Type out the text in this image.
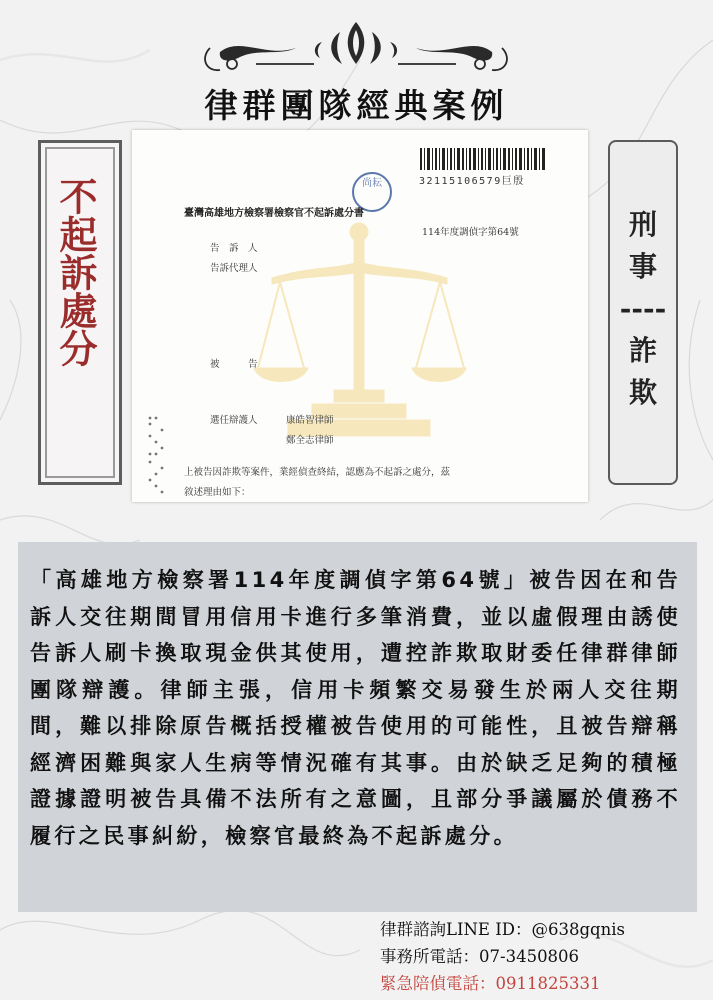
律群團隊經典案例
不起訴處分	刑
事
----
詐
欺
32115106579巨殷
尚耘
臺灣高雄地方檢察署檢察官不起訴處分書
114年度調偵字第64號
告　訴　人
告訴代理人
被　　　告
選任辯護人	康皓智律師
鄭全志律師
上被告因詐欺等案件，業經偵查終結，認應為不起訴之處分，茲
敘述理由如下：

「高雄地方檢察署114年度調偵字第64號」被告因在和告訴人交往期間冒用信用卡進行多筆消費，並以虛假理由誘使告訴人刷卡換取現金供其使用，遭控詐欺取財委任律群律師團隊辯護。律師主張，信用卡頻繁交易發生於兩人交往期間，難以排除原告概括授權被告使用的可能性，且被告辯稱經濟困難與家人生病等情況確有其事。由於缺乏足夠的積極證據證明被告具備不法所有之意圖，且部分爭議屬於債務不履行之民事糾紛，檢察官最終為不起訴處分。

律群諮詢LINE ID：@638gqnis
事務所電話：07-3450806
緊急陪偵電話：0911825331
